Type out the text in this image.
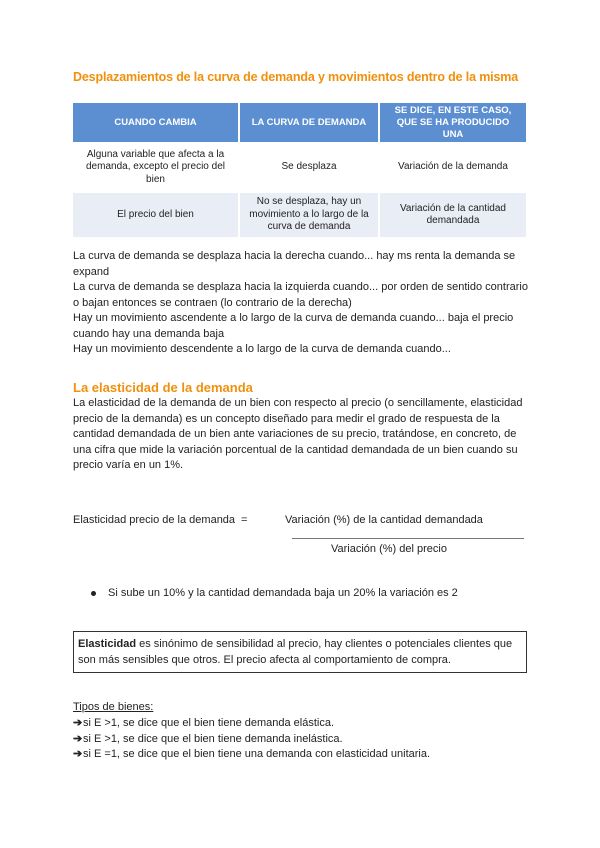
Desplazamientos de la curva de demanda y movimientos dentro de la misma
CUANDO CAMBIA	LA CURVA DE DEMANDA	SE DICE, EN ESTE CASO, QUE SE HA PRODUCIDO UNA
Alguna variable que afecta a la demanda, excepto el precio del bien	Se desplaza	Variación de la demanda
El precio del bien	No se desplaza, hay un movimiento a lo largo de la curva de demanda	Variación de la cantidad demandada
La curva de demanda se desplaza hacia la derecha cuando... hay ms renta la demanda se expand
La curva de demanda se desplaza hacia la izquierda cuando... por orden de sentido contrario o bajan entonces se contraen (lo contrario de la derecha)
Hay un movimiento ascendente a lo largo de la curva de demanda cuando... baja el precio cuando hay una demanda baja
Hay un movimiento descendente a lo largo de la curva de demanda cuando...
La elasticidad de la demanda
La elasticidad de la demanda de un bien con respecto al precio (o sencillamente, elasticidad precio de la demanda) es un concepto diseñado para medir el grado de respuesta de la cantidad demandada de un bien ante variaciones de su precio, tratándose, en concreto, de una cifra que mide la variación porcentual de la cantidad demandada de un bien cuando su precio varía en un 1%.
Elasticidad precio de la demanda =	Variación (%) de la cantidad demandada
Variación (%) del precio
Si sube un 10% y la cantidad demandada baja un 20% la variación es 2
Elasticidad es sinónimo de sensibilidad al precio, hay clientes o potenciales clientes que son más sensibles que otros. El precio afecta al comportamiento de compra.
Tipos de bienes:
➔ si E >1, se dice que el bien tiene demanda elástica.
➔ si E >1, se dice que el bien tiene demanda inelástica.
➔ si E =1, se dice que el bien tiene una demanda con elasticidad unitaria.
